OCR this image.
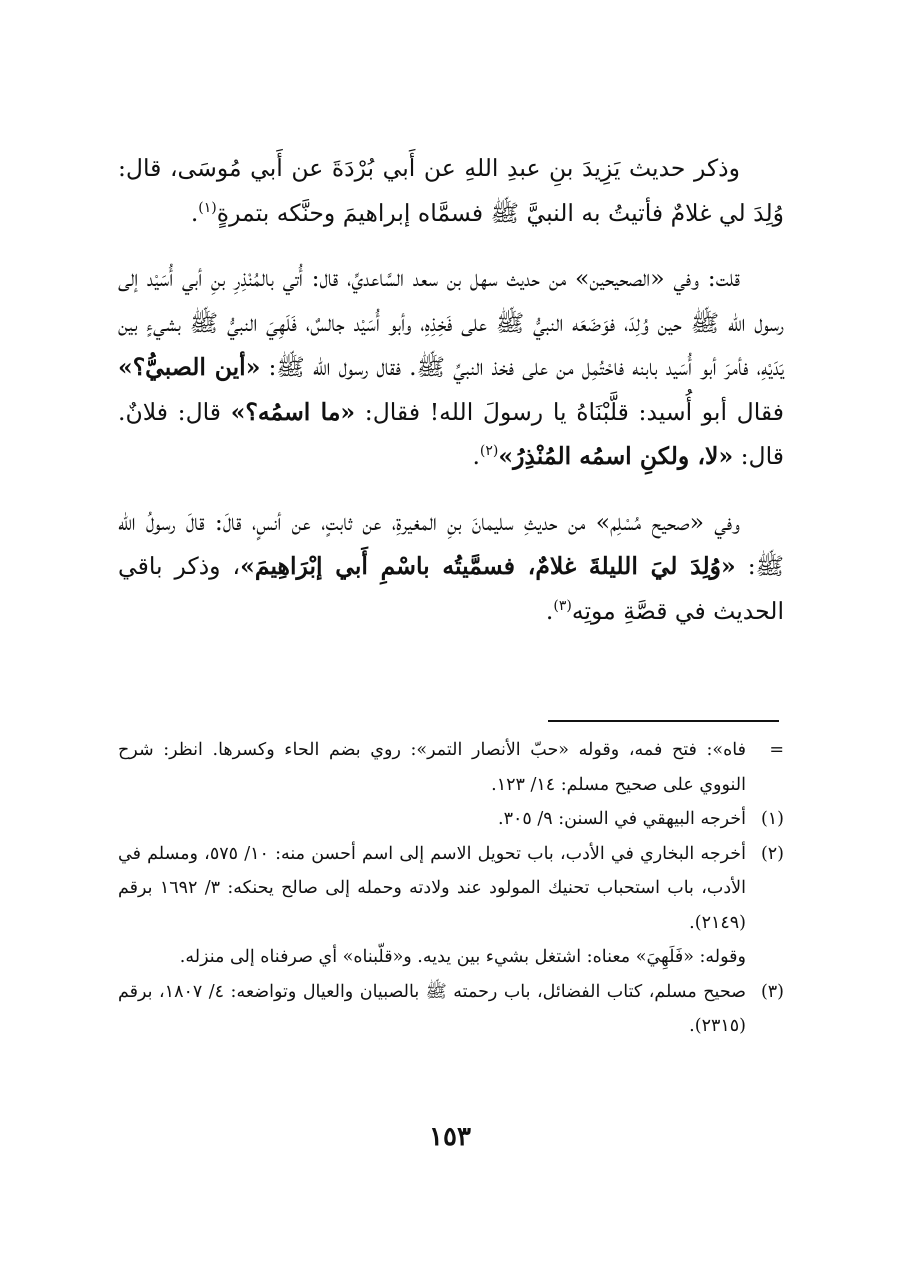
وذكر حديث يَزِيدَ بنِ عبدِ اللهِ عن أَبي بُرْدَةَ عن أَبي مُوسَى، قال: وُلِدَ لي غلامٌ فأتيتُ به النبيَّ ﷺ فسمَّاه إبراهيمَ وحنَّكه بتمرةٍ$^{(١)}$.

قلت: وفي «الصحيحين» من حديث سهل بن سعد السَّاعديِّ، قال: أُتي بالمُنْذِرِ بنِ أبي أُسَيْد إلى رسول الله ﷺ حين وُلِدَ، فوَضَعَه النبيُّ ﷺ على فَخِذِهِ، وأبو أُسَيْد جالسٌ، فَلَهِيَ النبيُّ ﷺ بشيءٍ بين يَدَيْهِ، فأمرَ أبو أُسَيد بابنه فاحْتُمِل من على فخذ النبيِّ ﷺ. فقال رسول الله ﷺ: «أين الصبيُّ؟» فقال أبو أُسيد: قلَّبْنَاهُ يا رسولَ الله! فقال: «ما اسمُه؟» قال: فلانٌ. قال: «لا، ولكنِ اسمُه المُنْذِرُ»$^{(٢)}$.

وفي «صحيح مُسْلِم» من حديثِ سليمانَ بنِ المغيرةِ، عن ثابتٍ، عن أنسٍ، قالَ: قالَ رسولُ الله ﷺ: «وُلِدَ ليَ الليلةَ غلامٌ، فسمَّيتُه باسْمِ أَبي إبْرَاهِيمَ»، وذكر باقي الحديث في قصَّةِ موتِه$^{(٣)}$.

=
فاه»: فتح فمه، وقوله «حبّ الأنصار التمر»: روي بضم الحاء وكسرها. انظر: شرح النووي على صحيح مسلم: ١٤/ ١٢٣.
(١)
أخرجه البيهقي في السنن: ٩/ ٣٠٥.
(٢)
أخرجه البخاري في الأدب، باب تحويل الاسم إلى اسم أحسن منه: ١٠/ ٥٧٥، ومسلم في الأدب، باب استحباب تحنيك المولود عند ولادته وحمله إلى صالح يحنكه: ٣/ ١٦٩٢ برقم (٢١٤٩).
وقوله: «فَلَهِيَ» معناه: اشتغل بشيء بين يديه. و«قلّبناه» أي صرفناه إلى منزله.
(٣)
صحيح مسلم، كتاب الفضائل، باب رحمته ﷺ بالصبيان والعيال وتواضعه: ٤/ ١٨٠٧، برقم (٢٣١٥).
١٥٣
